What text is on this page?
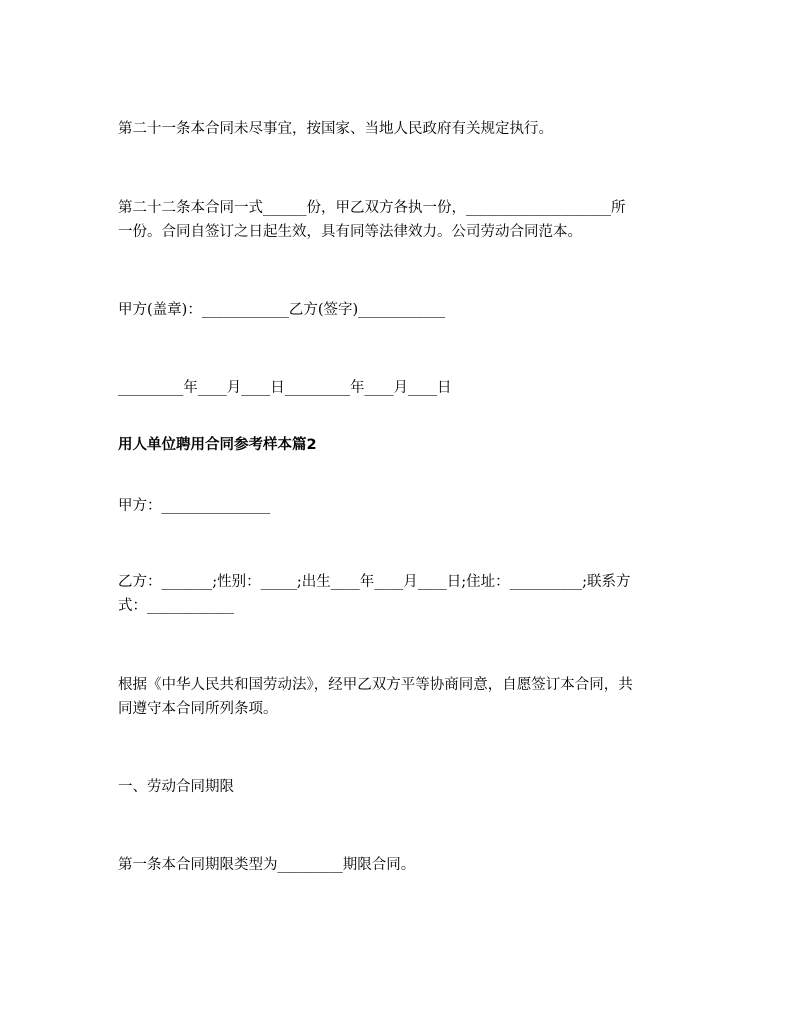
第二十一条本合同未尽事宜，按国家、当地人民政府有关规定执行。
第二十二条本合同一式______份，甲乙双方各执一份，____________________所
一份。合同自签订之日起生效，具有同等法律效力。公司劳动合同范本。
甲方(盖章)：____________乙方(签字)____________
_________年____月____日_________年____月____日
用人单位聘用合同参考样本篇2
甲方：_______________
乙方：_______;性别：_____;出生____年____月____日;住址：__________;联系方
式：____________
根据《中华人民共和国劳动法》，经甲乙双方平等协商同意，自愿签订本合同，共
同遵守本合同所列条项。
一、劳动合同期限
第一条本合同期限类型为_________期限合同。
